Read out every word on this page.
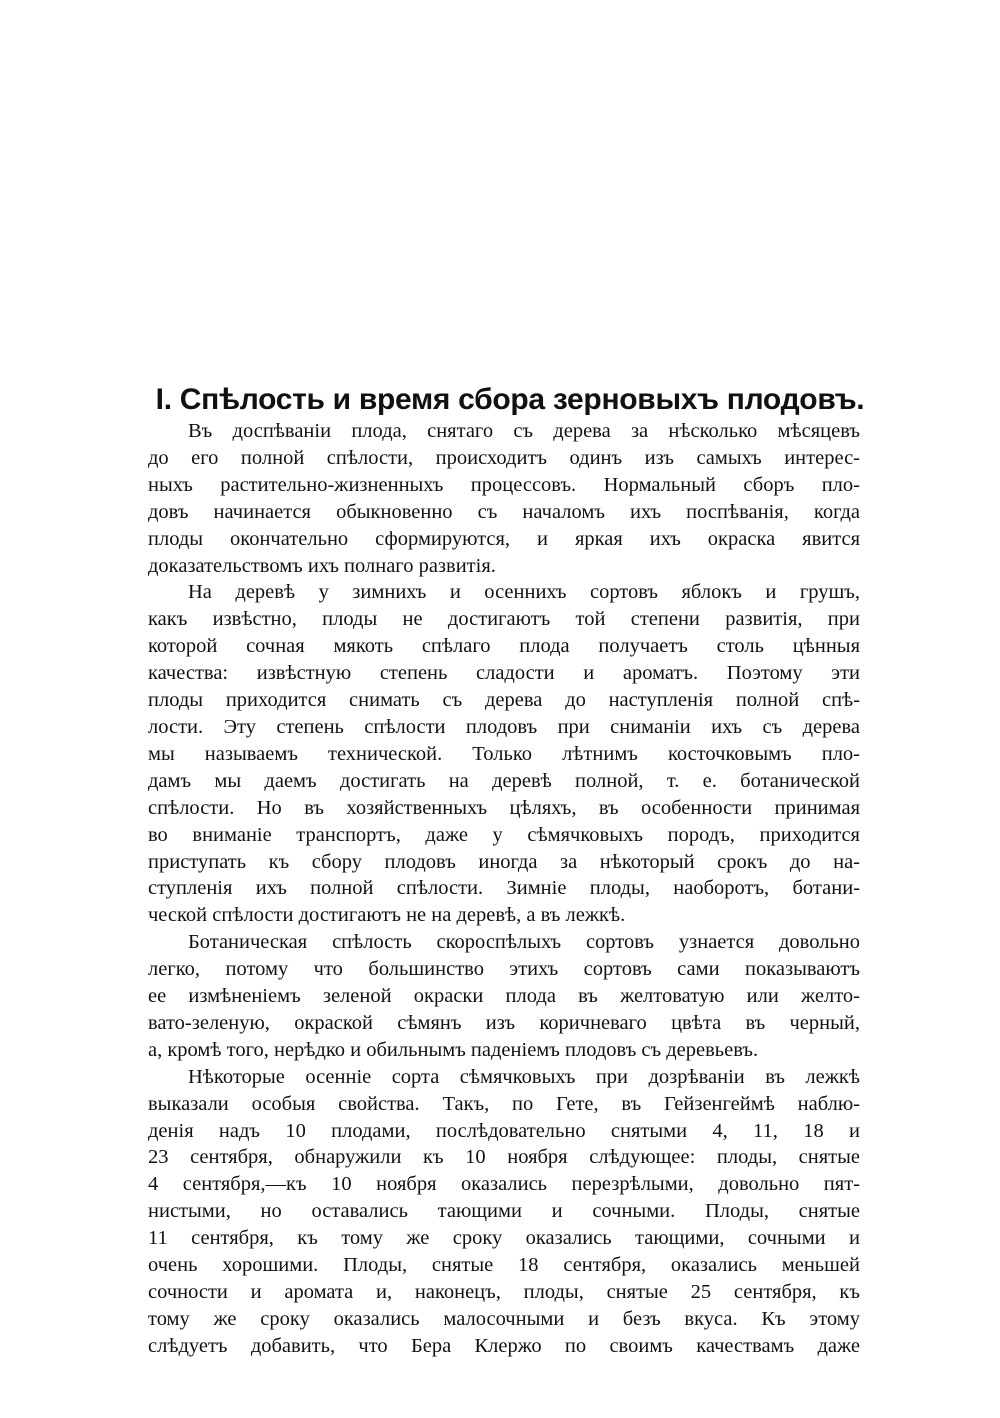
I. Спѣлость и время сбора зерновыхъ плодовъ.

Въ доспѣваніи плода, снятаго съ дерева за нѣсколько мѣсяцевъ
до его полной спѣлости, происходитъ одинъ изъ самыхъ интерес-
ныхъ растительно-жизненныхъ процессовъ. Нормальный сборъ пло-
довъ начинается обыкновенно съ началомъ ихъ поспѣванія, когда
плоды окончательно сформируются, и яркая ихъ окраска явится
доказательствомъ ихъ полнаго развитія.

На деревѣ у зимнихъ и осеннихъ сортовъ яблокъ и грушъ,
какъ извѣстно, плоды не достигаютъ той степени развитія, при
которой сочная мякоть спѣлаго плода получаетъ столь цѣнныя
качества: извѣстную степень сладости и ароматъ. Поэтому эти
плоды приходится снимать съ дерева до наступленія полной спѣ-
лости. Эту степень спѣлости плодовъ при сниманіи ихъ съ дерева
мы называемъ технической. Только лѣтнимъ косточковымъ пло-
дамъ мы даемъ достигать на деревѣ полной, т. е. ботанической
спѣлости. Но въ хозяйственныхъ цѣляхъ, въ особенности принимая
во вниманіе транспортъ, даже у сѣмячковыхъ породъ, приходится
приступать къ сбору плодовъ иногда за нѣкоторый срокъ до на-
ступленія ихъ полной спѣлости. Зимніе плоды, наоборотъ, ботани-
ческой спѣлости достигаютъ не на деревѣ, а въ лежкѣ.

Ботаническая спѣлость скороспѣлыхъ сортовъ узнается довольно
легко, потому что большинство этихъ сортовъ сами показываютъ
ее измѣненіемъ зеленой окраски плода въ желтоватую или желто-
вато-зеленую, окраской сѣмянъ изъ коричневаго цвѣта въ черный,
а, кромѣ того, нерѣдко и обильнымъ паденіемъ плодовъ съ деревьевъ.

Нѣкоторые осенніе сорта сѣмячковыхъ при дозрѣваніи въ лежкѣ
выказали особыя свойства. Такъ, по Гете, въ Гейзенгеймѣ наблю-
денія надъ 10 плодами, послѣдовательно снятыми 4, 11, 18 и
23 сентября, обнаружили къ 10 ноября слѣдующее: плоды, снятые
4 сентября,—къ 10 ноября оказались перезрѣлыми, довольно пят-
нистыми, но оставались тающими и сочными. Плоды, снятые
11 сентября, къ тому же сроку оказались тающими, сочными и
очень хорошими. Плоды, снятые 18 сентября, оказались меньшей
сочности и аромата и, наконецъ, плоды, снятые 25 сентября, къ
тому же сроку оказались малосочными и безъ вкуса. Къ этому
слѣдуетъ добавить, что Бера Клержо по своимъ качествамъ даже
